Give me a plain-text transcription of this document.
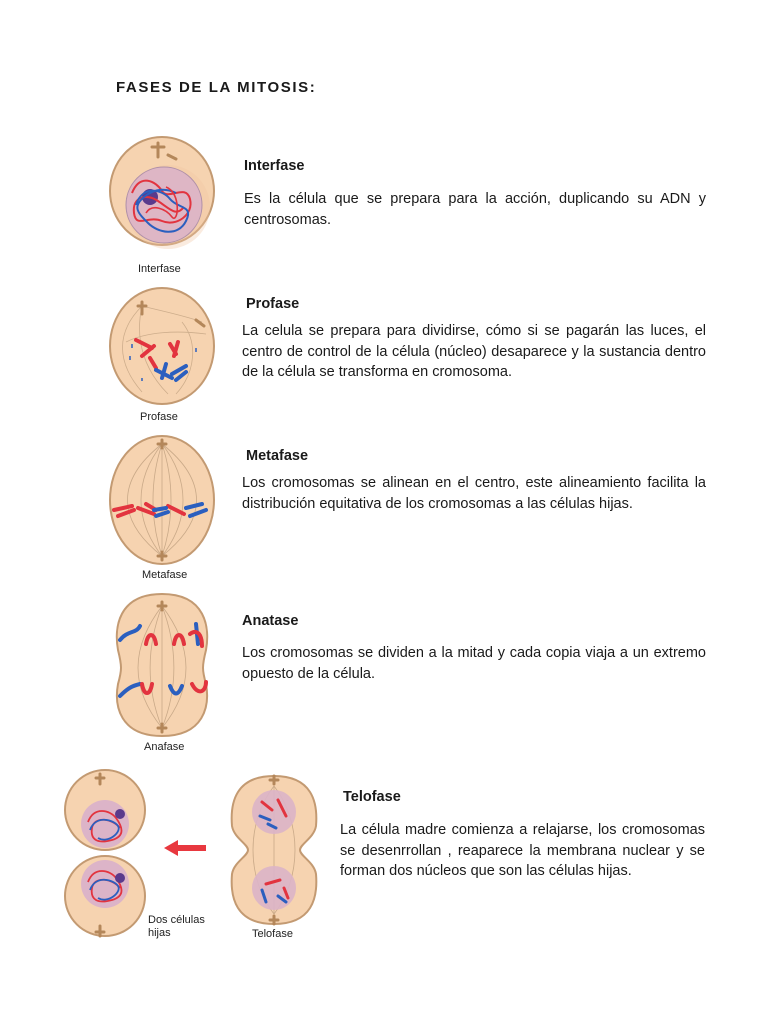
FASES DE LA MITOSIS:
Interfase
Interfase

Es la célula que se prepara para la acción, duplicando su ADN y centrosomas.

Profase
Profase

La celula se prepara para dividirse, cómo si se pagarán las luces, el centro de control de la célula (núcleo) desaparece y la sustancia dentro de la célula se transforma en cromosoma.

Metafase
Metafase

Los cromosomas se alinean en el centro, este alineamiento facilita la distribución equitativa de los cromosomas a las células hijas.

Anafase
Anatase

Los cromosomas se dividen a la mitad y cada copia viaja a un extremo opuesto de la célula.

Dos células hijas	Telofase
Telofase

La célula madre comienza a relajarse, los cromosomas se desenrrollan , reaparece la membrana nuclear y se forman dos núcleos que son las células hijas.
